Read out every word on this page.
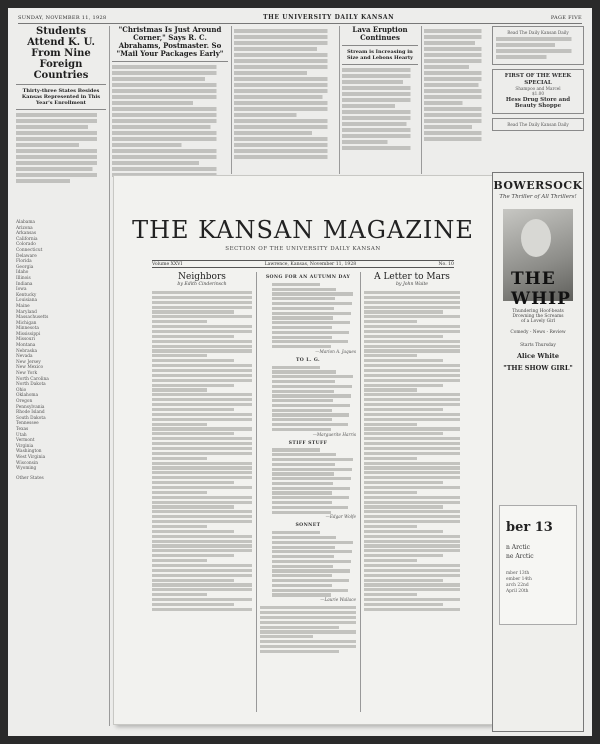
SUNDAY, NOVEMBER 11, 1928	THE UNIVERSITY DAILY KANSAN	PAGE FIVE
Students Attend K. U. From Nine Foreign Countries
Thirty-three States Besides Kansas Represented in This Year's Enrollment
Alabama
Arizona
Arkansas
California
Colorado
Connecticut
Delaware
Florida
Georgia
Idaho
Illinois
Indiana
Iowa
Kentucky
Louisiana
Maine
Maryland
Massachusetts
Michigan
Minnesota
Mississippi
Missouri
Montana
Nebraska
Nevada
New Jersey
New Mexico
New York
North Carolina
North Dakota
Ohio
Oklahoma
Oregon
Pennsylvania
Rhode Island
South Dakota
Tennessee
Texas
Utah
Vermont
Virginia
Washington
West Virginia
Wisconsin
Wyoming
Other States
"Christmas Is Just Around Corner," Says R. C. Abrahams, Postmaster. So "Mail Your Packages Early"
Lava Eruption Continues
Stream is Increasing in Size and Lebons Hearty
THE KANSAN MAGAZINE
SECTION OF THE UNIVERSITY DAILY KANSAN
Volume XXVI	Lawrence, Kansas, November 11, 1928	No. 10
Neighbors
by Edith Cinderinsch
SONG FOR AN AUTUMN DAY
—Marion A. Jaques
TO L. G.
—Marguerite Harris
STIFF STUFF
—Edgar Wolfe
SONNET
—Laurie Wallace
A Letter to Mars
by John Waite

Read The Daily Kansan Daily

FIRST OF THE WEEK SPECIAL

Shampoo and Marcel

$1.00

Hess Drug Store and Beauty Shoppe

Read The Daily Kansan Daily

BOWERSOCK
The Thriller of All Thrillers!
THE WHIP
Thundering Hoof-beats
Drowning the Screams
of a Lovely Girl
Comedy - News - Review
Starts Thursday
Alice White
"THE SHOW GIRL"
ber 13
n Arctic
ne Arctic
mber 13th
ember 14th
arch 22nd
April 20th
